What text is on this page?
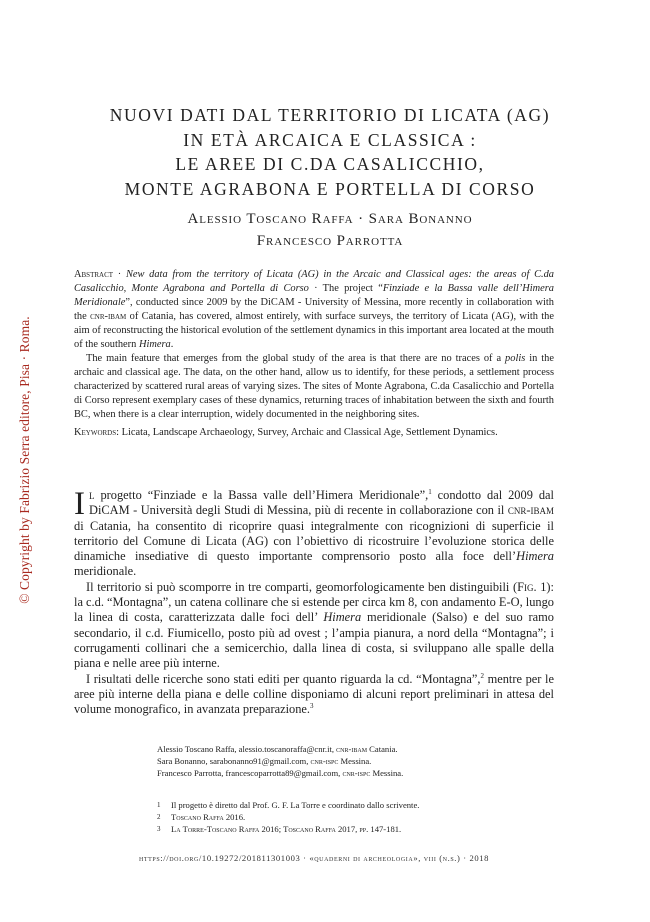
© Copyright by Fabrizio Serra editore, Pisa · Roma.
NUOVI DATI DAL TERRITORIO DI LICATA (AG)
IN ETÀ ARCAICA E CLASSICA :
LE AREE DI C.DA CASALICCHIO,
MONTE AGRABONA E PORTELLA DI CORSO
Alessio Toscano Raffa · Sara Bonanno
Francesco Parrotta

Abstract · New data from the territory of Licata (AG) in the Arcaic and Classical ages: the areas of C.da Casalicchio, Monte Agrabona and Portella di Corso · The project “Finziade e la Bassa valle dell’Himera Meridionale”, conducted since 2009 by the DiCAM - University of Messina, more recently in collaboration with the cnr-ibam of Catania, has covered, almost entirely, with surface surveys, the territory of Licata (AG), with the aim of reconstructing the historical evolution of the settlement dynamics in this important area located at the mouth of the southern Himera.

The main feature that emerges from the global study of the area is that there are no traces of a polis in the archaic and classical age. The data, on the other hand, allow us to identify, for these periods, a settlement process characterized by scattered rural areas of varying sizes. The sites of Monte Agrabona, C.da Casalicchio and Portella di Corso represent exemplary cases of these dynamics, returning traces of inhabitation between the sixth and fourth BC, when there is a clear interruption, widely documented in the neighboring sites.

Keywords: Licata, Landscape Archaeology, Survey, Archaic and Classical Age, Settlement Dynamics.

Il progetto “Finziade e la Bassa valle dell’Himera Meridionale”,$^1$ condotto dal 2009 dal DiCAM - Università degli Studi di Messina, più di recente in collaborazione con il cnr-ibam di Catania, ha consentito di ricoprire quasi integralmente con ricognizioni di superficie il territorio del Comune di Licata (AG) con l’obiettivo di ricostruire l’evoluzione storica delle dinamiche insediative di questo importante comprensorio posto alla foce dell’Himera meridionale.

Il territorio si può scomporre in tre comparti, geomorfologicamente ben distinguibili (Fig. 1): la c.d. “Montagna”, un catena collinare che si estende per circa km 8, con andamento E-O, lungo la linea di costa, caratterizzata dalle foci dell’ Himera meridionale (Salso) e del suo ramo secondario, il c.d. Fiumicello, posto più ad ovest ; l’ampia pianura, a nord della “Montagna”; i corrugamenti collinari che a semicerchio, dalla linea di costa, si sviluppano alle spalle della piana e nelle aree più interne.

I risultati delle ricerche sono stati editi per quanto riguarda la cd. “Montagna”,$^2$ mentre per le aree più interne della piana e delle colline disponiamo di alcuni report preliminari in attesa del volume monografico, in avanzata preparazione.$^3$

Alessio Toscano Raffa, alessio.toscanoraffa@cnr.it, cnr-ibam Catania.
Sara Bonanno, sarabonanno91@gmail.com, cnr-ispc Messina.
Francesco Parrotta, francescoparrotta89@gmail.com, cnr-ispc Messina.
1 Il progetto è diretto dal Prof. G. F. La Torre e coordinato dallo scrivente.
2 Toscano Raffa 2016.
3 La Torre-Toscano Raffa 2016; Toscano Raffa 2017, pp. 147-181.
https://doi.org/10.19272/201811301003 · «quaderni di archeologia», viii (n.s.) · 2018
